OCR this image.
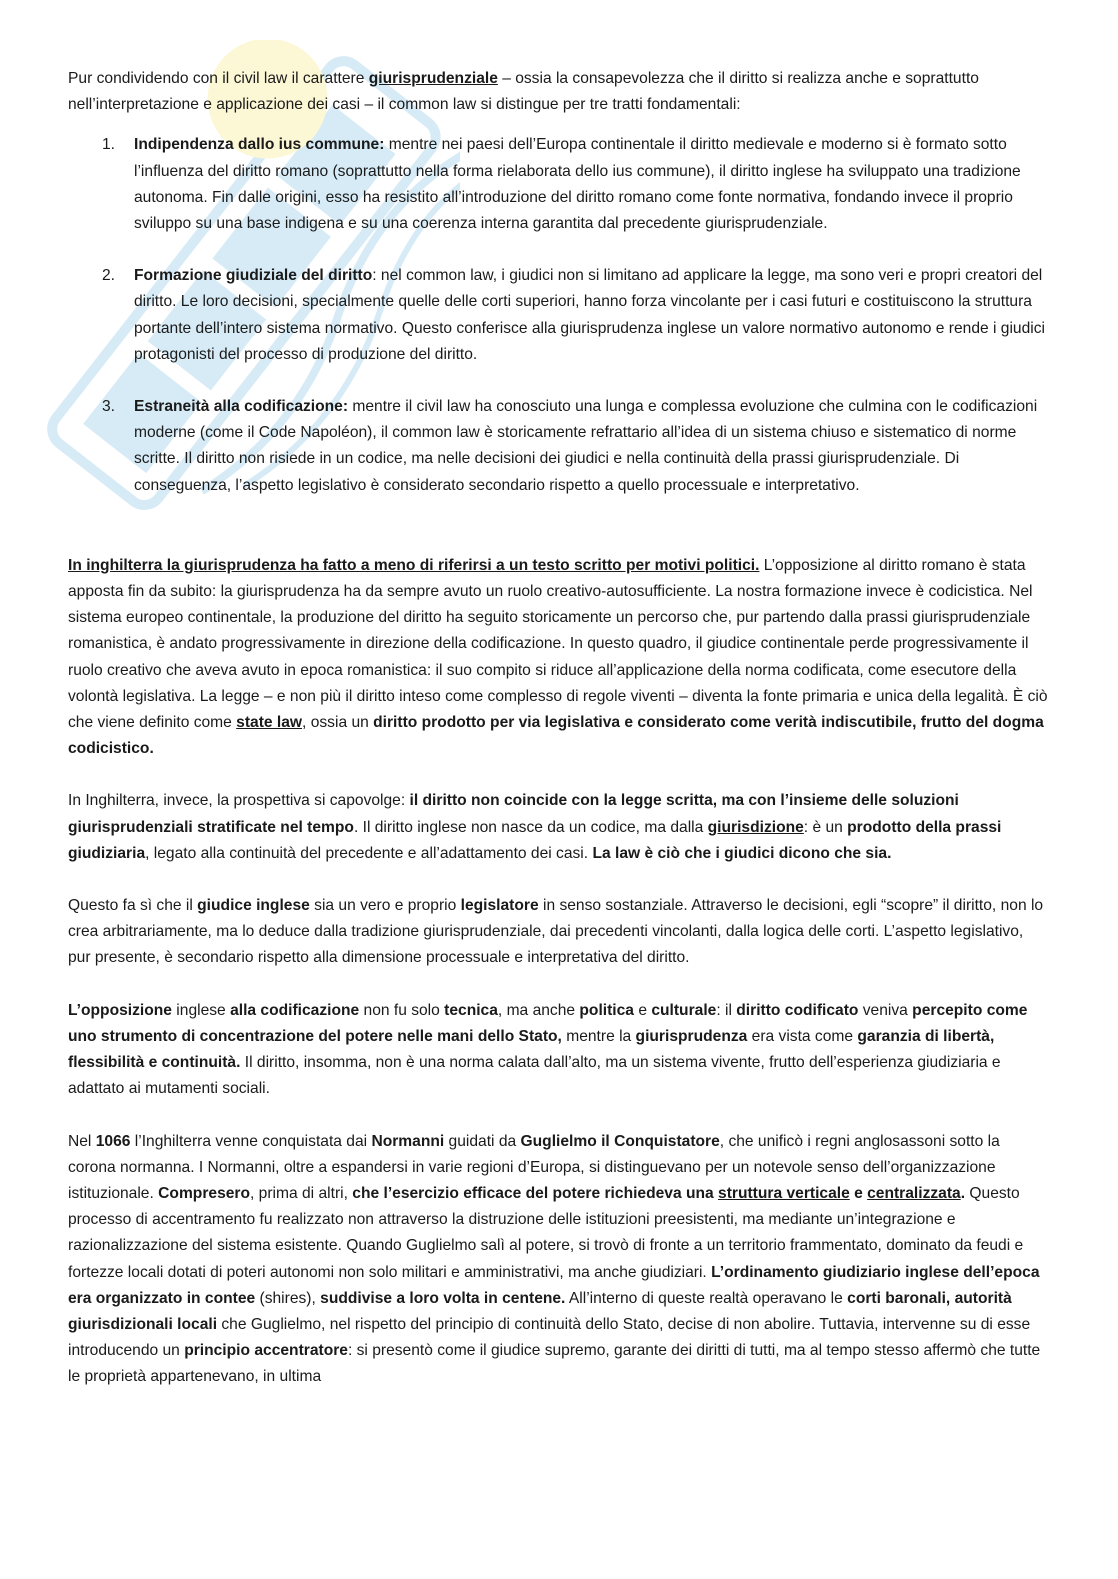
Pur condividendo con il civil law il carattere giurisprudenziale – ossia la consapevolezza che il diritto si realizza anche e soprattutto nell’interpretazione e applicazione dei casi – il common law si distingue per tre tratti fondamentali:

1. Indipendenza dallo ius commune: mentre nei paesi dell’Europa continentale il diritto medievale e moderno si è formato sotto l’influenza del diritto romano (soprattutto nella forma rielaborata dello ius commune), il diritto inglese ha sviluppato una tradizione autonoma. Fin dalle origini, esso ha resistito all’introduzione del diritto romano come fonte normativa, fondando invece il proprio sviluppo su una base indigena e su una coerenza interna garantita dal precedente giurisprudenziale.
2. Formazione giudiziale del diritto: nel common law, i giudici non si limitano ad applicare la legge, ma sono veri e propri creatori del diritto. Le loro decisioni, specialmente quelle delle corti superiori, hanno forza vincolante per i casi futuri e costituiscono la struttura portante dell’intero sistema normativo. Questo conferisce alla giurisprudenza inglese un valore normativo autonomo e rende i giudici protagonisti del processo di produzione del diritto.
3. Estraneità alla codificazione: mentre il civil law ha conosciuto una lunga e complessa evoluzione che culmina con le codificazioni moderne (come il Code Napoléon), il common law è storicamente refrattario all’idea di un sistema chiuso e sistematico di norme scritte. Il diritto non risiede in un codice, ma nelle decisioni dei giudici e nella continuità della prassi giurisprudenziale. Di conseguenza, l’aspetto legislativo è considerato secondario rispetto a quello processuale e interpretativo.

In inghilterra la giurisprudenza ha fatto a meno di riferirsi a un testo scritto per motivi politici. L’opposizione al diritto romano è stata apposta fin da subito: la giurisprudenza ha da sempre avuto un ruolo creativo-autosufficiente. La nostra formazione invece è codicistica. Nel sistema europeo continentale, la produzione del diritto ha seguito storicamente un percorso che, pur partendo dalla prassi giurisprudenziale romanistica, è andato progressivamente in direzione della codificazione. In questo quadro, il giudice continentale perde progressivamente il ruolo creativo che aveva avuto in epoca romanistica: il suo compito si riduce all’applicazione della norma codificata, come esecutore della volontà legislativa. La legge – e non più il diritto inteso come complesso di regole viventi – diventa la fonte primaria e unica della legalità. È ciò che viene definito come state law, ossia un diritto prodotto per via legislativa e considerato come verità indiscutibile, frutto del dogma codicistico.

In Inghilterra, invece, la prospettiva si capovolge: il diritto non coincide con la legge scritta, ma con l’insieme delle soluzioni giurisprudenziali stratificate nel tempo. Il diritto inglese non nasce da un codice, ma dalla giurisdizione: è un prodotto della prassi giudiziaria, legato alla continuità del precedente e all’adattamento dei casi. La law è ciò che i giudici dicono che sia.

Questo fa sì che il giudice inglese sia un vero e proprio legislatore in senso sostanziale. Attraverso le decisioni, egli “scopre” il diritto, non lo crea arbitrariamente, ma lo deduce dalla tradizione giurisprudenziale, dai precedenti vincolanti, dalla logica delle corti. L’aspetto legislativo, pur presente, è secondario rispetto alla dimensione processuale e interpretativa del diritto.

L’opposizione inglese alla codificazione non fu solo tecnica, ma anche politica e culturale: il diritto codificato veniva percepito come uno strumento di concentrazione del potere nelle mani dello Stato, mentre la giurisprudenza era vista come garanzia di libertà, flessibilità e continuità. Il diritto, insomma, non è una norma calata dall’alto, ma un sistema vivente, frutto dell’esperienza giudiziaria e adattato ai mutamenti sociali.

Nel 1066 l’Inghilterra venne conquistata dai Normanni guidati da Guglielmo il Conquistatore, che unificò i regni anglosassoni sotto la corona normanna. I Normanni, oltre a espandersi in varie regioni d’Europa, si distinguevano per un notevole senso dell’organizzazione istituzionale. Compresero, prima di altri, che l’esercizio efficace del potere richiedeva una struttura verticale e centralizzata. Questo processo di accentramento fu realizzato non attraverso la distruzione delle istituzioni preesistenti, ma mediante un’integrazione e razionalizzazione del sistema esistente. Quando Guglielmo salì al potere, si trovò di fronte a un territorio frammentato, dominato da feudi e fortezze locali dotati di poteri autonomi non solo militari e amministrativi, ma anche giudiziari. L’ordinamento giudiziario inglese dell’epoca era organizzato in contee (shires), suddivise a loro volta in centene. All’interno di queste realtà operavano le corti baronali, autorità giurisdizionali locali che Guglielmo, nel rispetto del principio di continuità dello Stato, decise di non abolire. Tuttavia, intervenne su di esse introducendo un principio accentratore: si presentò come il giudice supremo, garante dei diritti di tutti, ma al tempo stesso affermò che tutte le proprietà appartenevano, in ultima
